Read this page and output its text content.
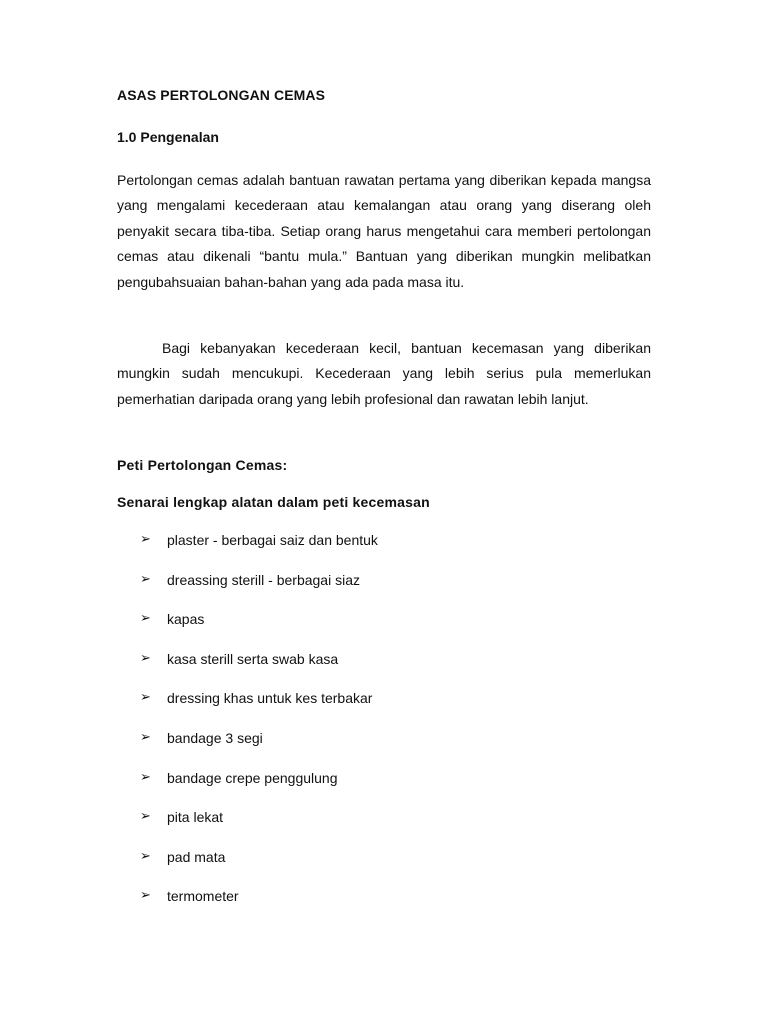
ASAS PERTOLONGAN CEMAS
1.0 Pengenalan

Pertolongan cemas adalah bantuan rawatan pertama yang diberikan kepada mangsa yang mengalami kecederaan atau kemalangan atau orang yang diserang oleh penyakit secara tiba-tiba. Setiap orang harus mengetahui cara memberi pertolongan cemas atau dikenali “bantu mula.” Bantuan yang diberikan mungkin melibatkan pengubahsuaian bahan-bahan yang ada pada masa itu.

Bagi kebanyakan kecederaan kecil, bantuan kecemasan yang diberikan mungkin sudah mencukupi. Kecederaan yang lebih serius pula memerlukan pemerhatian daripada orang yang lebih profesional dan rawatan lebih lanjut.

Peti Pertolongan Cemas:
Senarai lengkap alatan dalam peti kecemasan
➢	plaster - berbagai saiz dan bentuk
➢	dreassing sterill - berbagai siaz
➢	kapas
➢	kasa sterill serta swab kasa
➢	dressing khas untuk kes terbakar
➢	bandage 3 segi
➢	bandage crepe penggulung
➢	pita lekat
➢	pad mata
➢	termometer
